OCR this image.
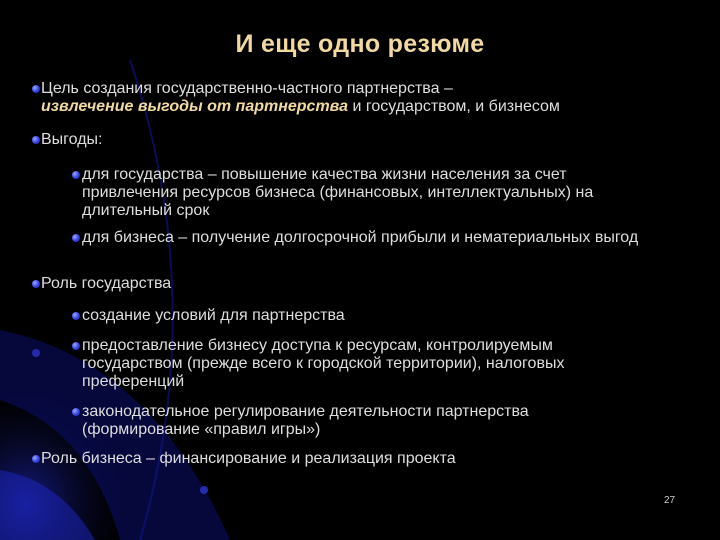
И еще одно резюме
Цель создания государственно-частного партнерства –
извлечение выгоды от партнерства и государством, и бизнесом
Выгоды:
для государства – повышение качества жизни населения за счет привлечения ресурсов бизнеса (финансовых, интеллектуальных) на длительный срок
для бизнеса – получение долгосрочной прибыли и нематериальных выгод
Роль государства
создание условий для партнерства
предоставление бизнесу доступа к ресурсам, контролируемым государством (прежде всего к городской территории), налоговых преференций
законодательное регулирование деятельности партнерства (формирование «правил игры»)
Роль бизнеса – финансирование и реализация проекта
27
